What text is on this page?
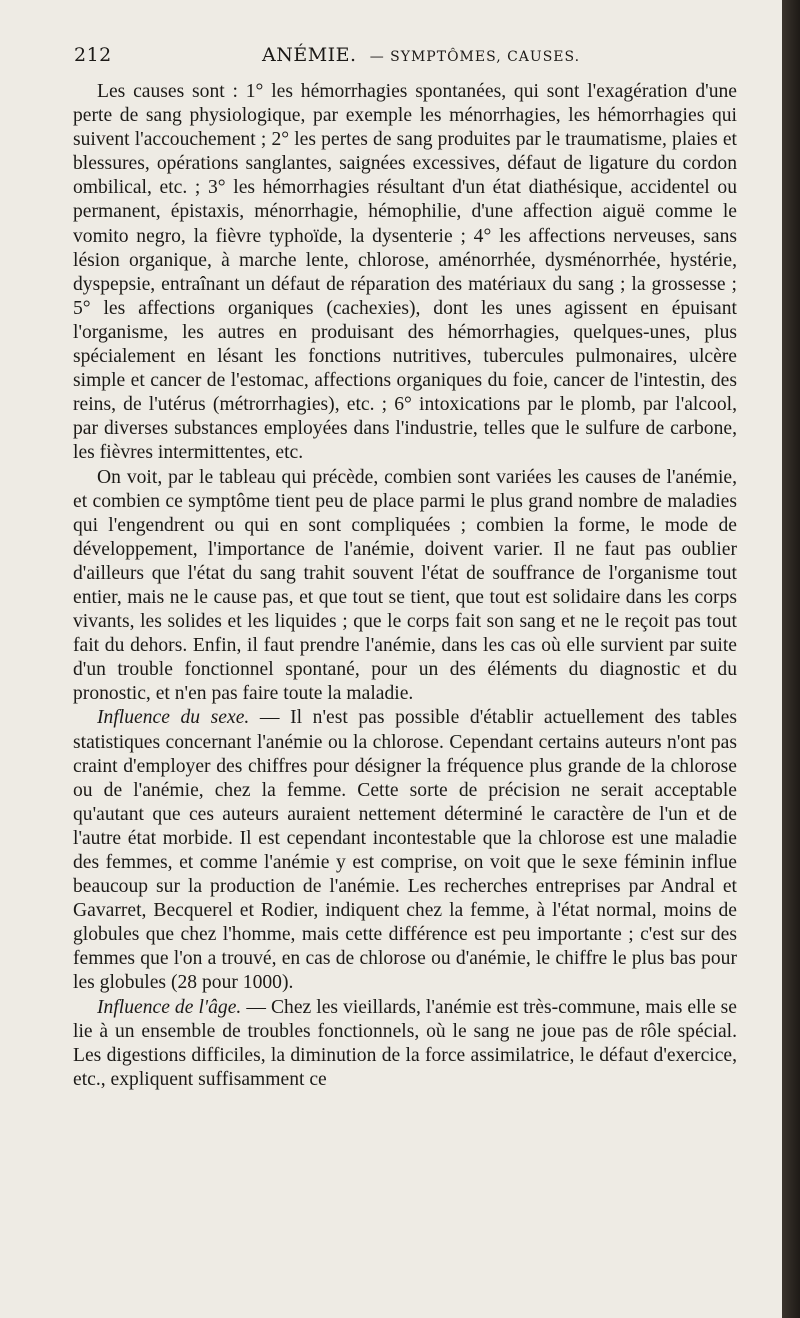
212	ANÉMIE. — SYMPTÔMES, CAUSES.

Les causes sont : 1° les hémorrhagies spontanées, qui sont l'exagération d'une perte de sang physiologique, par exemple les ménorrhagies, les hémorrhagies qui suivent l'accouchement ; 2° les pertes de sang produites par le traumatisme, plaies et blessures, opérations sanglantes, saignées excessives, défaut de ligature du cordon ombilical, etc. ; 3° les hémorrhagies résultant d'un état diathésique, accidentel ou permanent, épistaxis, ménorrhagie, hémophilie, d'une affection aiguë comme le vomito negro, la fièvre typhoïde, la dysenterie ; 4° les affections nerveuses, sans lésion organique, à marche lente, chlorose, aménorrhée, dysménorrhée, hystérie, dyspepsie, entraînant un défaut de réparation des matériaux du sang ; la grossesse ; 5° les affections organiques (cachexies), dont les unes agissent en épuisant l'organisme, les autres en produisant des hémorrhagies, quelques-unes, plus spécialement en lésant les fonctions nutritives, tubercules pulmonaires, ulcère simple et cancer de l'estomac, affections organiques du foie, cancer de l'intestin, des reins, de l'utérus (métrorrhagies), etc. ; 6° intoxications par le plomb, par l'alcool, par diverses substances employées dans l'industrie, telles que le sulfure de carbone, les fièvres intermittentes, etc.

On voit, par le tableau qui précède, combien sont variées les causes de l'anémie, et combien ce symptôme tient peu de place parmi le plus grand nombre de maladies qui l'engendrent ou qui en sont compliquées ; combien la forme, le mode de développement, l'importance de l'anémie, doivent varier. Il ne faut pas oublier d'ailleurs que l'état du sang trahit souvent l'état de souffrance de l'organisme tout entier, mais ne le cause pas, et que tout se tient, que tout est solidaire dans les corps vivants, les solides et les liquides ; que le corps fait son sang et ne le reçoit pas tout fait du dehors. Enfin, il faut prendre l'anémie, dans les cas où elle survient par suite d'un trouble fonctionnel spontané, pour un des éléments du diagnostic et du pronostic, et n'en pas faire toute la maladie.

Influence du sexe. — Il n'est pas possible d'établir actuellement des tables statistiques concernant l'anémie ou la chlorose. Cependant certains auteurs n'ont pas craint d'employer des chiffres pour désigner la fréquence plus grande de la chlorose ou de l'anémie, chez la femme. Cette sorte de précision ne serait acceptable qu'autant que ces auteurs auraient nettement déterminé le caractère de l'un et de l'autre état morbide. Il est cependant incontestable que la chlorose est une maladie des femmes, et comme l'anémie y est comprise, on voit que le sexe féminin influe beaucoup sur la production de l'anémie. Les recherches entreprises par Andral et Gavarret, Becquerel et Rodier, indiquent chez la femme, à l'état normal, moins de globules que chez l'homme, mais cette différence est peu importante ; c'est sur des femmes que l'on a trouvé, en cas de chlorose ou d'anémie, le chiffre le plus bas pour les globules (28 pour 1000).

Influence de l'âge. — Chez les vieillards, l'anémie est très-commune, mais elle se lie à un ensemble de troubles fonctionnels, où le sang ne joue pas de rôle spécial. Les digestions difficiles, la diminution de la force assimilatrice, le défaut d'exercice, etc., expliquent suffisamment ce
